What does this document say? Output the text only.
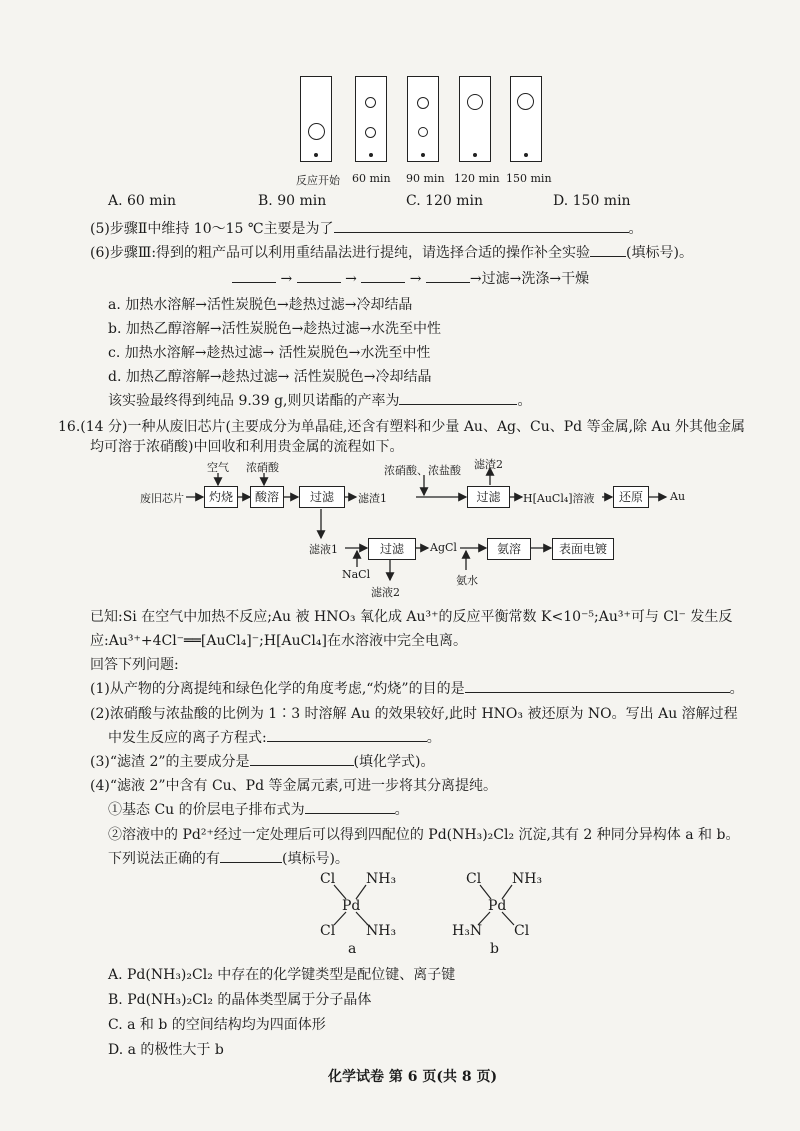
反应开始 60 min 90 min 120 min 150 min
A. 60 min	B. 90 min	C. 120 min	D. 150 min
(5)步骤Ⅱ中维持 10～15 ℃主要是为了	。
(6)步骤Ⅲ:得到的粗产品可以利用重结晶法进行提纯，请选择合适的操作补全实验	(填标号)。
→	→	→	→过滤→洗涤→干燥
a. 加热水溶解→活性炭脱色→趁热过滤→冷却结晶
b. 加热乙醇溶解→活性炭脱色→趁热过滤→水洗至中性
c. 加热水溶解→趁热过滤→ 活性炭脱色→水洗至中性
d. 加热乙醇溶解→趁热过滤→ 活性炭脱色→冷却结晶
该实验最终得到纯品 9.39 g,则贝诺酯的产率为	。
16.(14 分)一种从废旧芯片(主要成分为单晶硅,还含有塑料和少量 Au、Ag、Cu、Pd 等金属,除 Au 外其他金属
均可溶于浓硝酸)中回收和利用贵金属的流程如下。
空气 浓硝酸	浓硝酸、浓盐酸 滤渣2
废旧芯片	灼烧	酸溶	过滤	滤渣1	过滤	H[AuCl₄]溶液	还原	Au
滤液1	过滤	AgCl	氨溶	表面电镀
NaCl	氨水
滤液2
已知:Si 在空气中加热不反应;Au 被 HNO₃ 氧化成 Au³⁺的反应平衡常数 K<10⁻⁵;Au³⁺可与 Cl⁻ 发生反
应:Au³⁺+4Cl⁻══[AuCl₄]⁻;H[AuCl₄]在水溶液中完全电离。
回答下列问题:
(1)从产物的分离提纯和绿色化学的角度考虑,“灼烧”的目的是	。
(2)浓硝酸与浓盐酸的比例为 1∶3 时溶解 Au 的效果较好,此时 HNO₃ 被还原为 NO。写出 Au 溶解过程
中发生反应的离子方程式:	。
(3)“滤渣 2”的主要成分是	(填化学式)。
(4)“滤液 2”中含有 Cu、Pd 等金属元素,可进一步将其分离提纯。
①基态 Cu 的价层电子排布式为	。
②溶液中的 Pd²⁺经过一定处理后可以得到四配位的 Pd(NH₃)₂Cl₂ 沉淀,其有 2 种同分异构体 a 和 b。
下列说法正确的有	(填标号)。
Cl NH₃
Pd
Cl NH₃
a
Cl NH₃
Pd
H₃N Cl
b
A. Pd(NH₃)₂Cl₂ 中存在的化学键类型是配位键、离子键
B. Pd(NH₃)₂Cl₂ 的晶体类型属于分子晶体
C. a 和 b 的空间结构均为四面体形
D. a 的极性大于 b
化学试卷 第 6 页(共 8 页)
